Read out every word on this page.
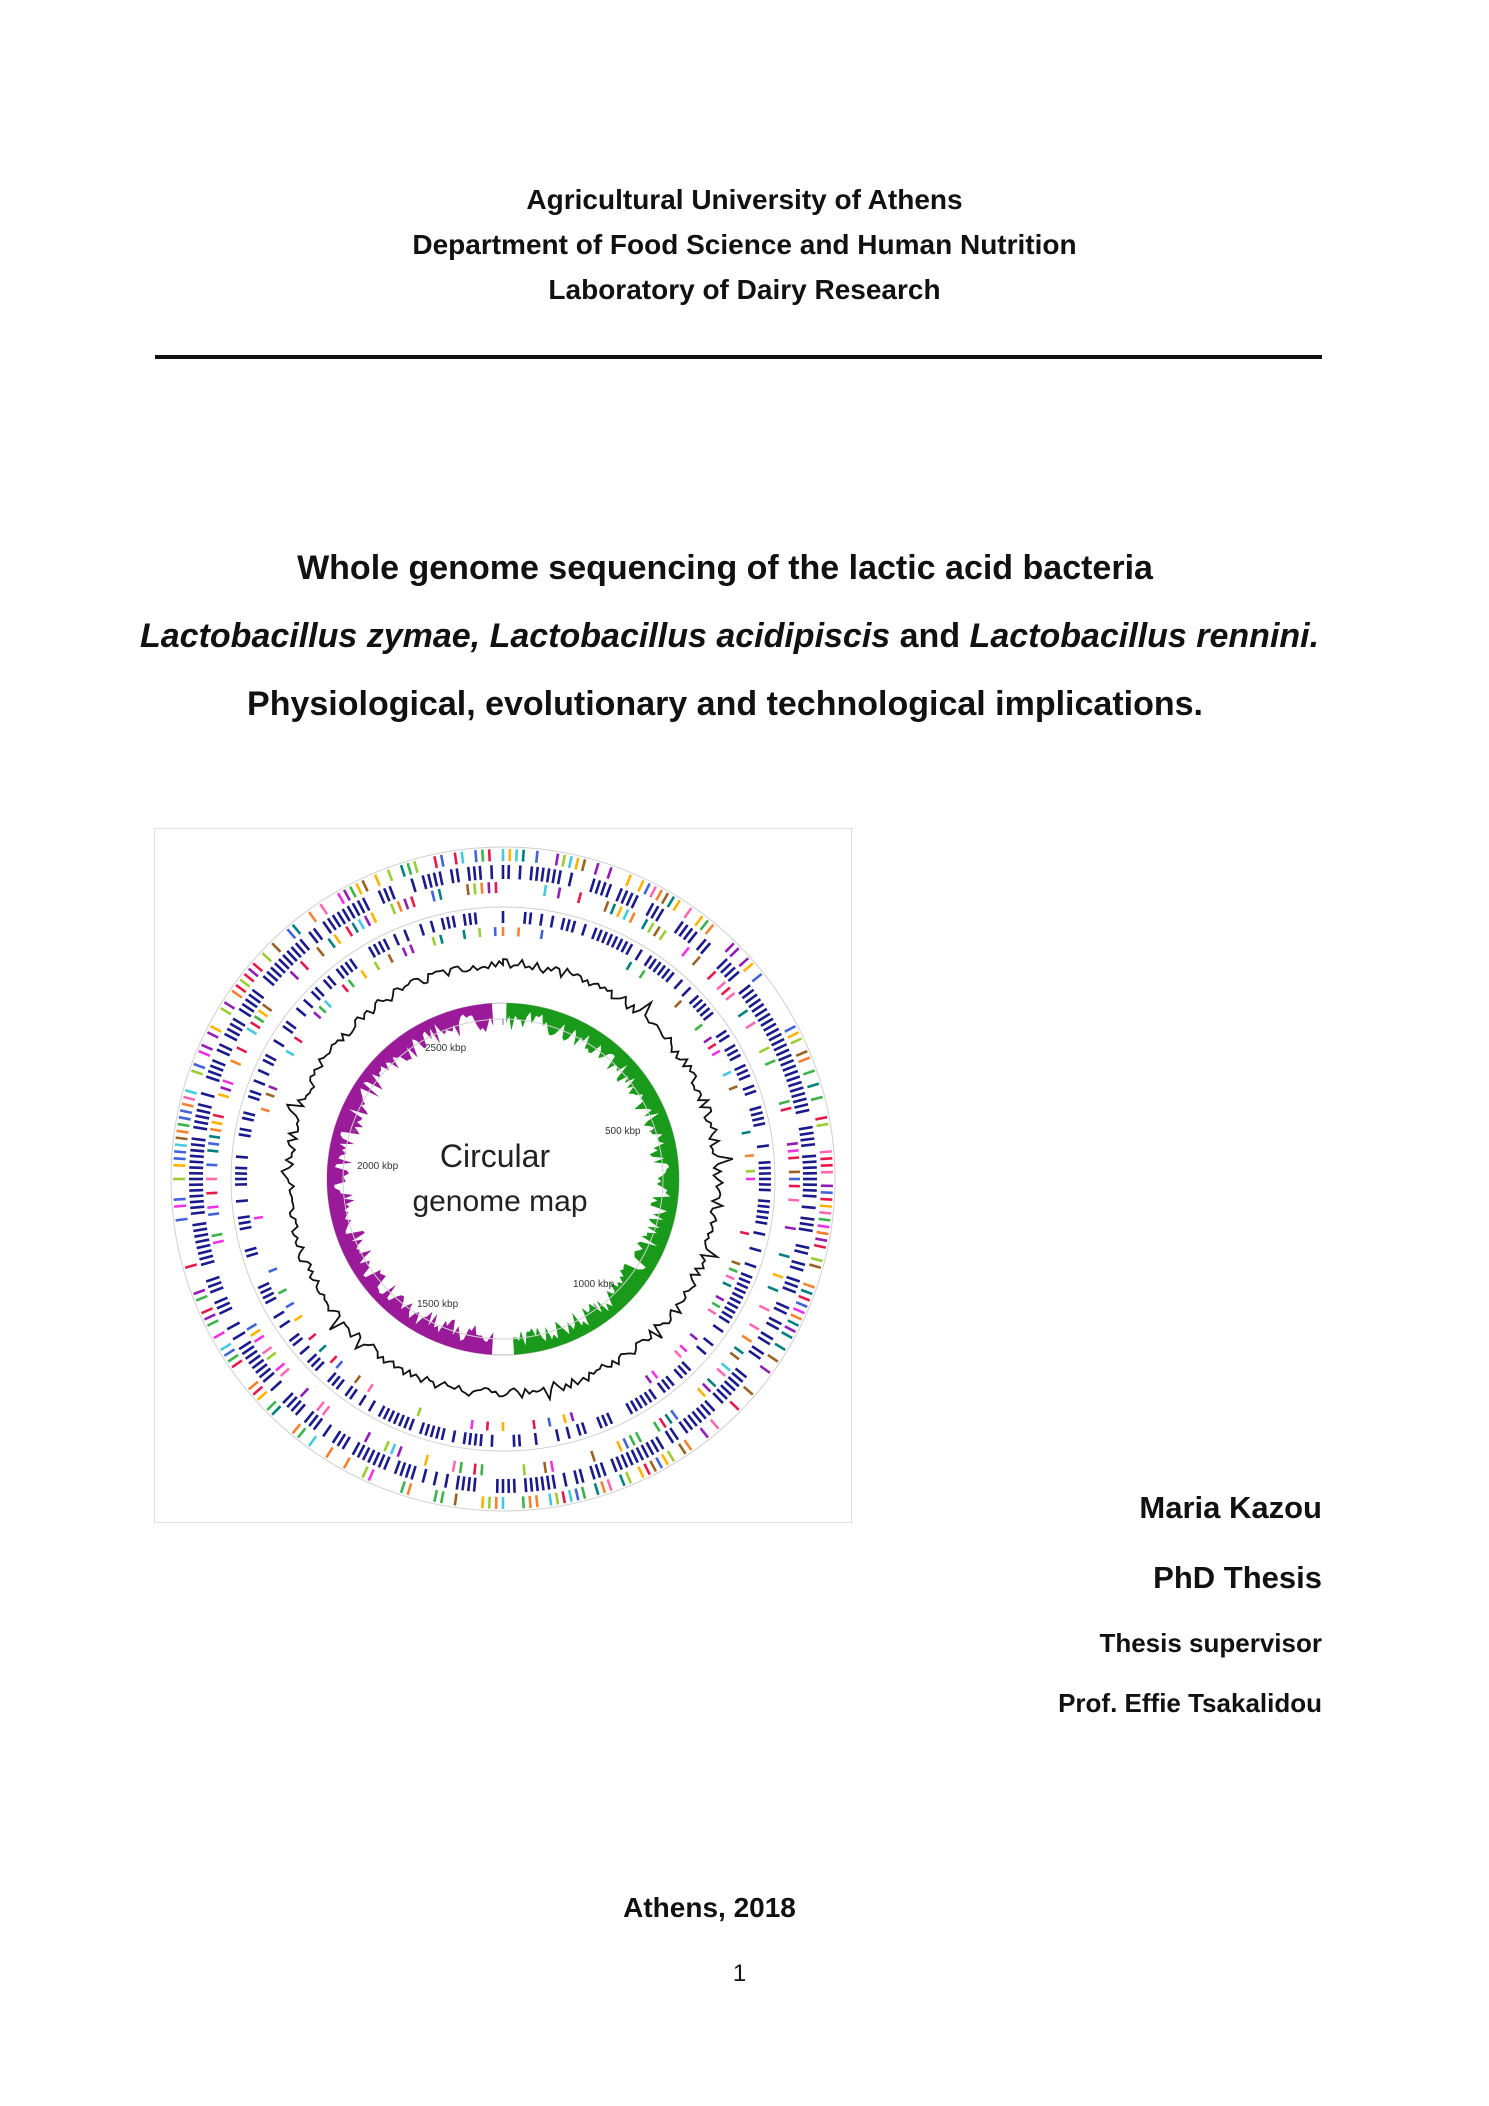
Agricultural University of Athens
Department of Food Science and Human Nutrition
Laboratory of Dairy Research
Whole genome sequencing of the lactic acid bacteria
Lactobacillus zymae, Lactobacillus acidipiscis and Lactobacillus rennini.
Physiological, evolutionary and technological implications.
2500 kbp
500 kbp
2000 kbp
1000 kbp
1500 kbp
Circular
genome map
Maria Kazou
PhD Thesis
Thesis supervisor
Prof. Effie Tsakalidou
Athens, 2018
1
